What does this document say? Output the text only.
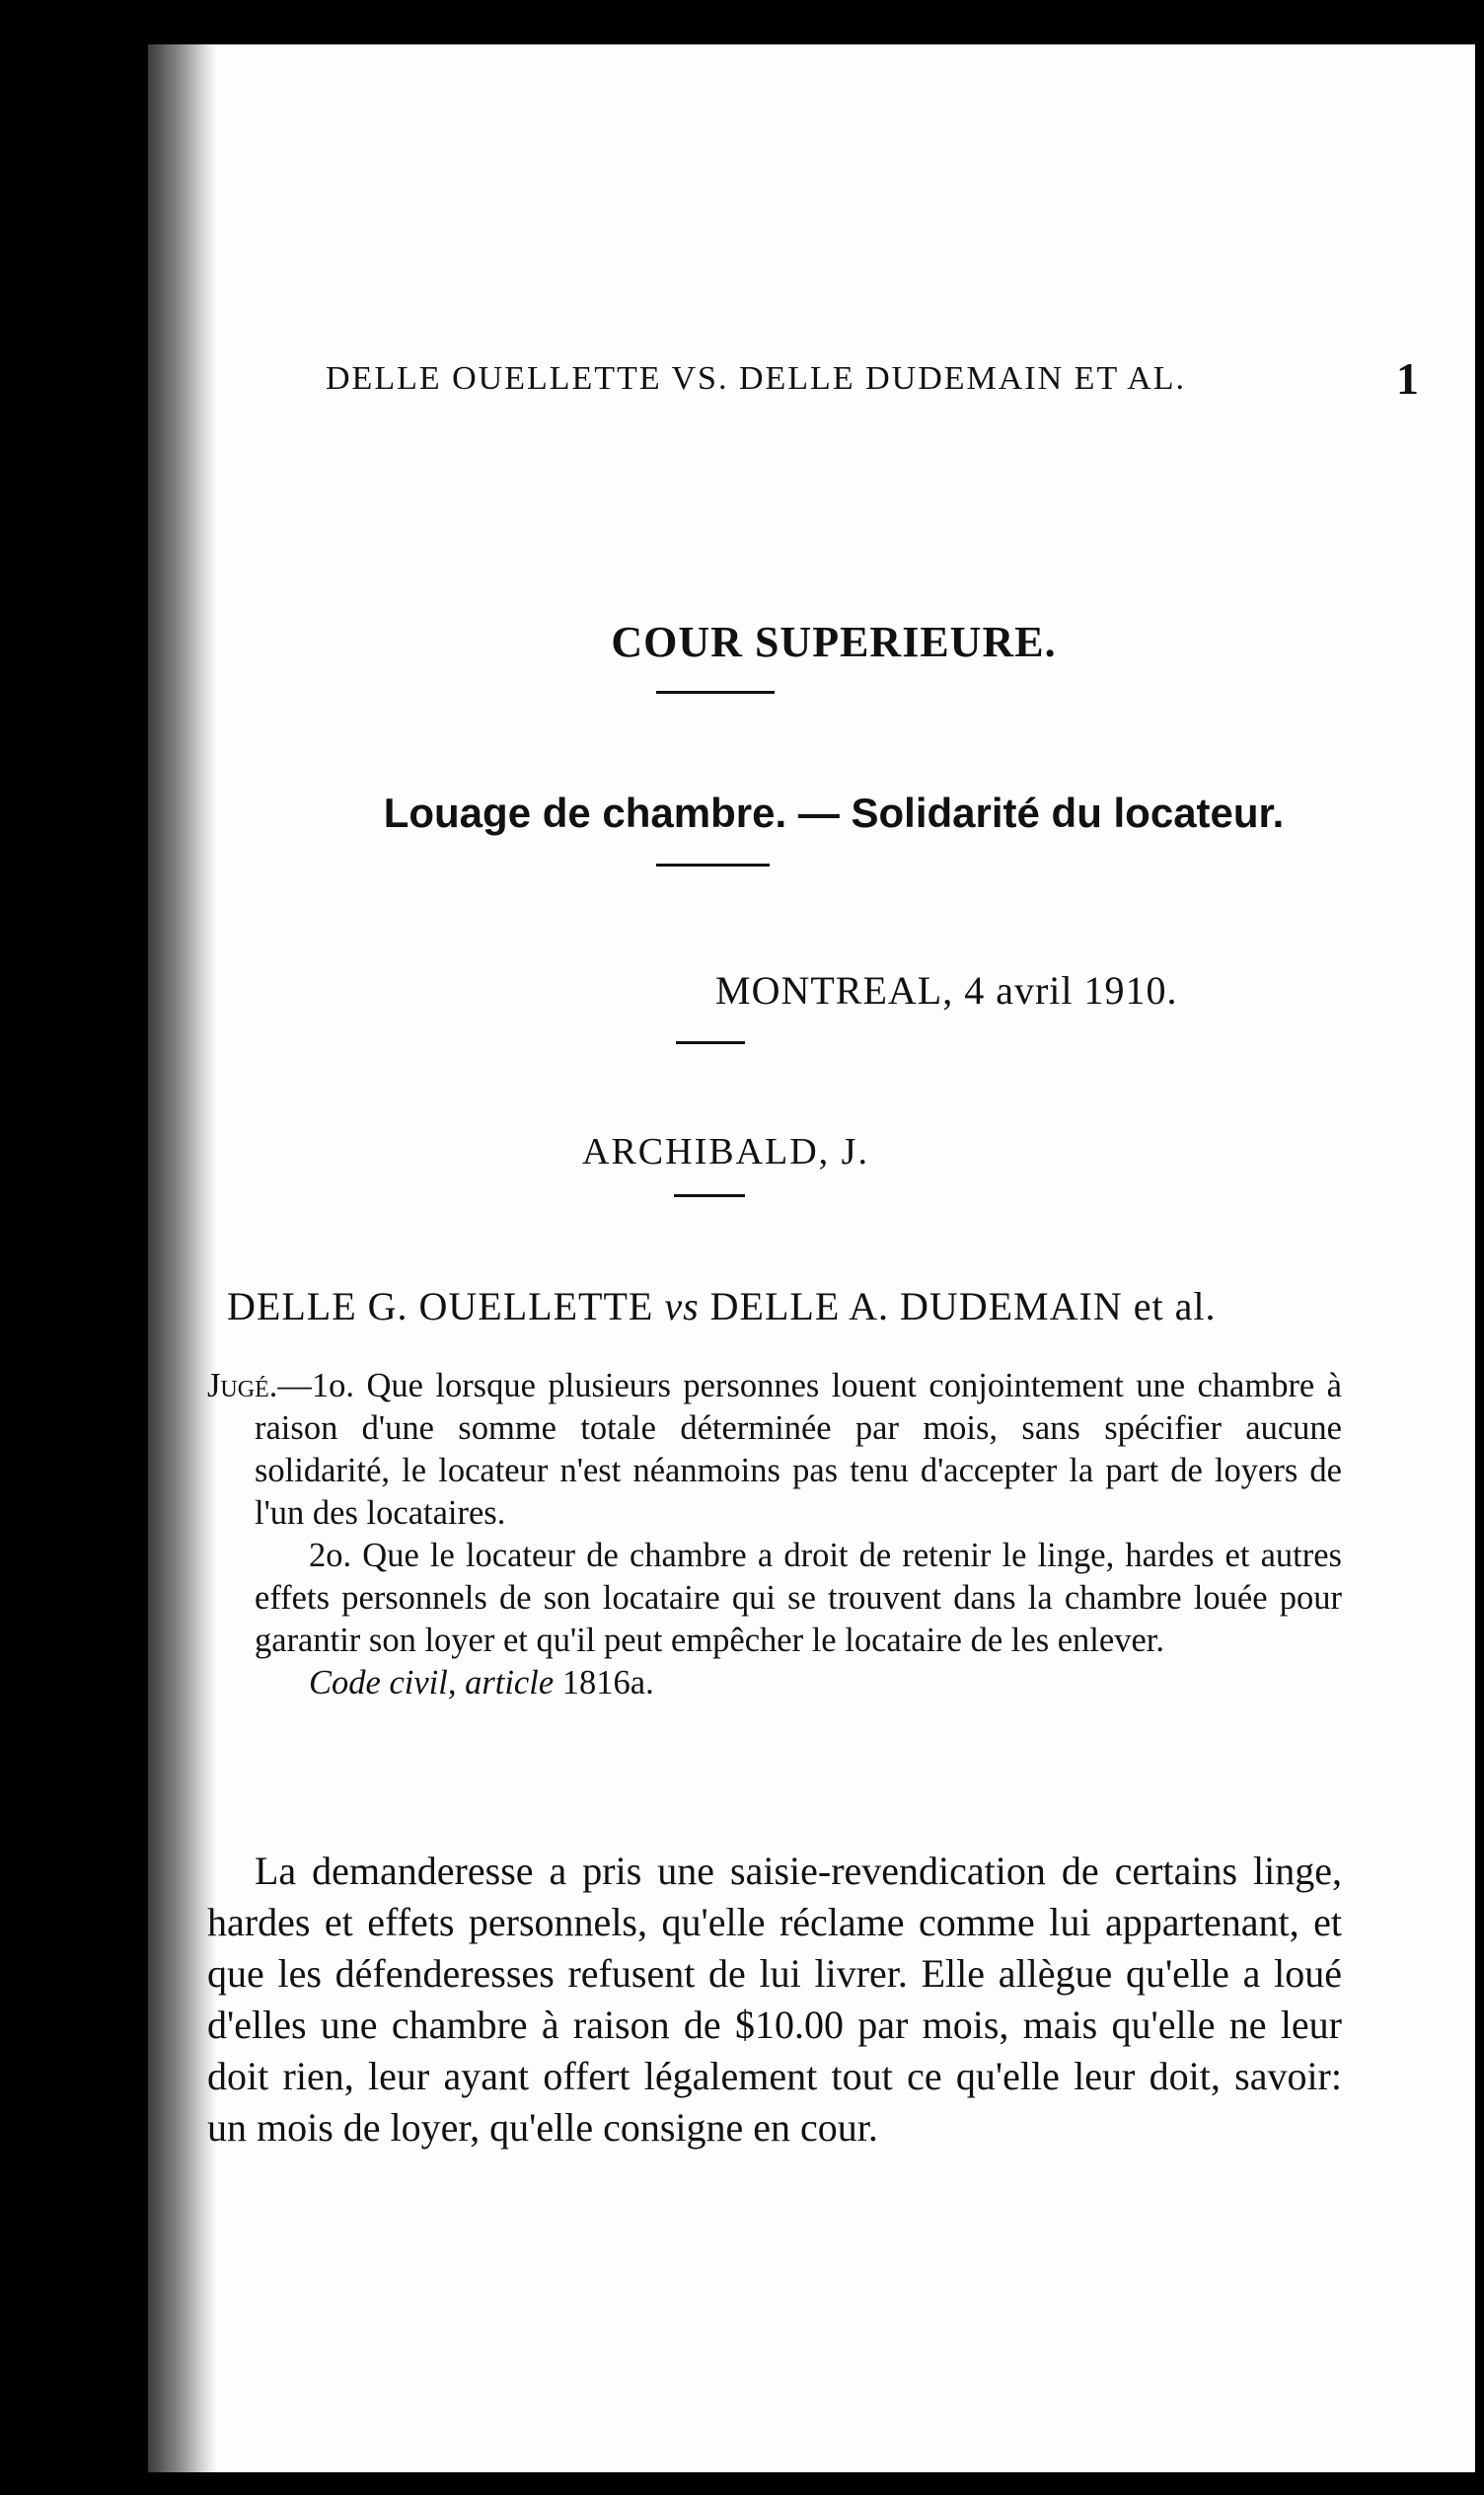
DELLE OUELLETTE VS. DELLE DUDEMAIN ET AL.	1
COUR SUPERIEURE.
Louage de chambre. — Solidarité du locateur.
MONTREAL, 4 avril 1910.
ARCHIBALD, J.
DELLE G. OUELLETTE vs DELLE A. DUDEMAIN et al.

Jugé.—1o. Que lorsque plusieurs personnes louent conjointement une chambre à raison d'une somme totale déterminée par mois, sans spécifier aucune solidarité, le locateur n'est néanmoins pas tenu d'accepter la part de loyers de l'un des locataires.

2o. Que le locateur de chambre a droit de retenir le linge, hardes et autres effets personnels de son locataire qui se trouvent dans la chambre louée pour garantir son loyer et qu'il peut empêcher le locataire de les enlever.

Code civil, article 1816a.

La demanderesse a pris une saisie-revendication de certains linge, hardes et effets personnels, qu'elle réclame comme lui appartenant, et que les défenderesses refusent de lui livrer. Elle allègue qu'elle a loué d'elles une chambre à raison de $10.00 par mois, mais qu'elle ne leur doit rien, leur ayant offert légalement tout ce qu'elle leur doit, savoir: un mois de loyer, qu'elle consigne en cour.
